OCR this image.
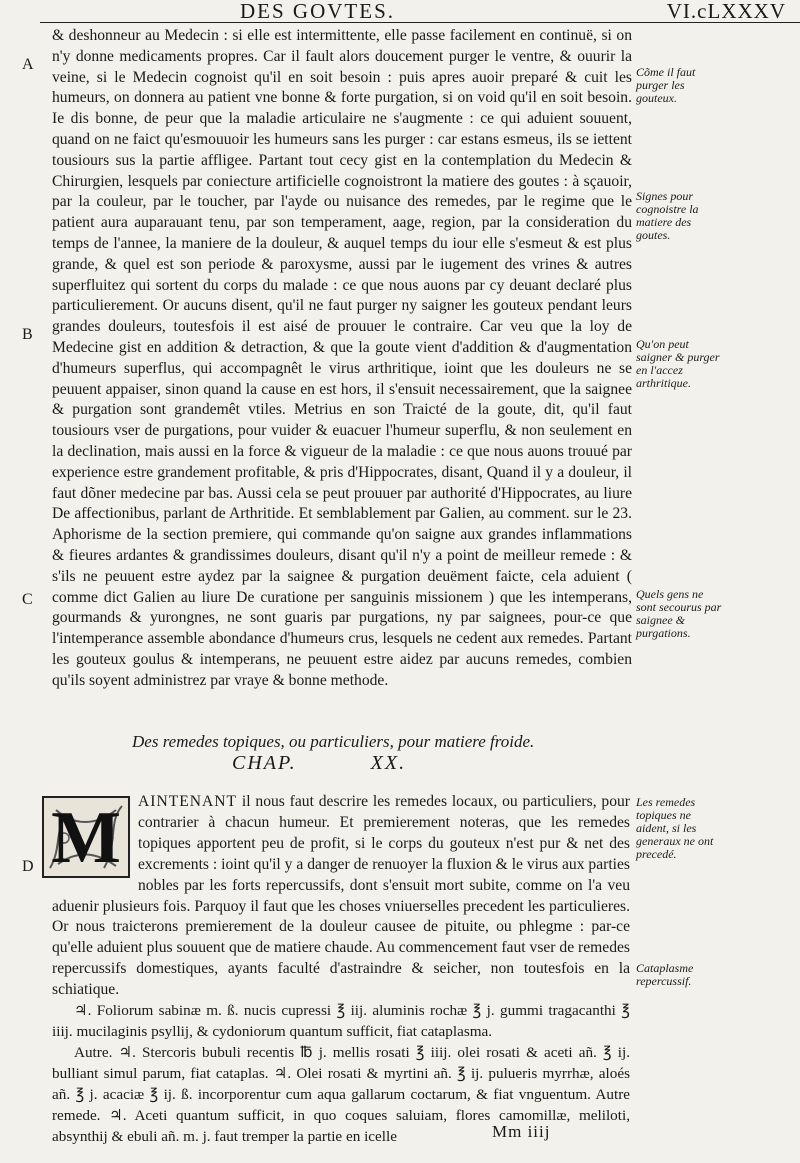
DES GOVTES.	VI.cLXXXV
A
B
C
D
Cõme il faut purger les gouteux.
Signes pour cognoistre la matiere des goutes.
Qu'on peut saigner & purger en l'accez arthritique.
Quels gens ne sont secourus par saignee & purgations.
Les remedes topiques ne aident, si les generaux ne ont precedé.
Cataplasme repercussif.

& deshonneur au Medecin : si elle est intermittente, elle passe facilement en continuë, si on n'y donne medicaments propres. Car il fault alors doucement purger le ventre, & ouurir la veine, si le Medecin cognoist qu'il en soit besoin : puis apres auoir preparé & cuit les humeurs, on donnera au patient vne bonne & forte purgation, si on void qu'il en soit besoin. Ie dis bonne, de peur que la maladie articulaire ne s'augmente : ce qui aduient souuent, quand on ne faict qu'esmouuoir les humeurs sans les purger : car estans esmeus, ils se iettent tousiours sus la partie affligee. Partant tout cecy gist en la contemplation du Medecin & Chirurgien, lesquels par coniecture artificielle cognoistront la matiere des goutes : à sçauoir, par la couleur, par le toucher, par l'ayde ou nuisance des remedes, par le regime que le patient aura auparauant tenu, par son temperament, aage, region, par la consideration du temps de l'annee, la maniere de la douleur, & auquel temps du iour elle s'esmeut & est plus grande, & quel est son periode & paroxysme, aussi par le iugement des vrines & autres superfluitez qui sortent du corps du malade : ce que nous auons par cy deuant declaré plus particulierement. Or aucuns disent, qu'il ne faut purger ny saigner les gouteux pendant leurs grandes douleurs, toutesfois il est aisé de prouuer le contraire. Car veu que la loy de Medecine gist en addition & detraction, & que la goute vient d'addition & d'augmentation d'humeurs superflus, qui accompagnêt le virus arthritique, ioint que les douleurs ne se peuuent appaiser, sinon quand la cause en est hors, il s'ensuit necessairement, que la saignee & purgation sont grandemêt vtiles. Metrius en son Traicté de la goute, dit, qu'il faut tousiours vser de purgations, pour vuider & euacuer l'humeur superflu, & non seulement en la declination, mais aussi en la force & vigueur de la maladie : ce que nous auons trouué par experience estre grandement profitable, & pris d'Hippocrates, disant, Quand il y a douleur, il faut dõner medecine par bas. Aussi cela se peut prouuer par authorité d'Hippocrates, au liure De affectionibus, parlant de Arthritide. Et semblablement par Galien, au comment. sur le 23. Aphorisme de la section premiere, qui commande qu'on saigne aux grandes inflammations & fieures ardantes & grandissimes douleurs, disant qu'il n'y a point de meilleur remede : & s'ils ne peuuent estre aydez par la saignee & purgation deuëment faicte, cela aduient ( comme dict Galien au liure De curatione per sanguinis missionem ) que les intemperans, gourmands & yurongnes, ne sont guaris par purgations, ny par saignees, pour-ce que l'intemperance assemble abondance d'humeurs crus, lesquels ne cedent aux remedes. Partant les gouteux goulus & intemperans, ne peuuent estre aidez par aucuns remedes, combien qu'ils soyent administrez par vraye & bonne methode.

Des remedes topiques, ou particuliers, pour matiere froide.
CHAP.	XX.
M	AINTENANT il nous faut descrire les remedes locaux, ou particuliers, pour contrarier à chacun humeur. Et premierement noteras, que les remedes topiques apportent peu de profit, si le corps du gouteux n'est pur & net des excrements : ioint qu'il y a danger de renuoyer la fluxion & le virus aux parties nobles par les forts repercussifs, dont s'ensuit mort subite, comme on l'a veu aduenir plusieurs fois. Parquoy il faut que les choses vniuerselles precedent les particulieres. Or nous traicterons premierement de la douleur causee de pituite, ou phlegme : par-ce qu'elle aduient plus souuent que de matiere chaude. Au commencement faut vser de remedes repercussifs domestiques, ayants faculté d'astraindre & seicher, non toutesfois en la schiatique.

♃. Foliorum sabinæ m. ß. nucis cupressi ℥ iij. aluminis rochæ ℥ j. gummi tragacanthi ℥ iiij. mucilaginis psyllij, & cydoniorum quantum sufficit, fiat cataplasma.

Autre. ♃. Stercoris bubuli recentis ℔ j. mellis rosati ℥ iiij. olei rosati & aceti añ. ℥ ij. bulliant simul parum, fiat cataplas. ♃. Olei rosati & myrtini añ. ℥ ij. pulueris myrrhæ, aloés añ. ℥ j. acaciæ ℥ ij. ß. incorporentur cum aqua gallarum coctarum, & fiat vnguentum. Autre remede. ♃. Aceti quantum sufficit, in quo coques saluiam, flores camomillæ, meliloti, absynthij & ebuli añ. m. j. faut tremper la partie en icelle	Mm iiij
